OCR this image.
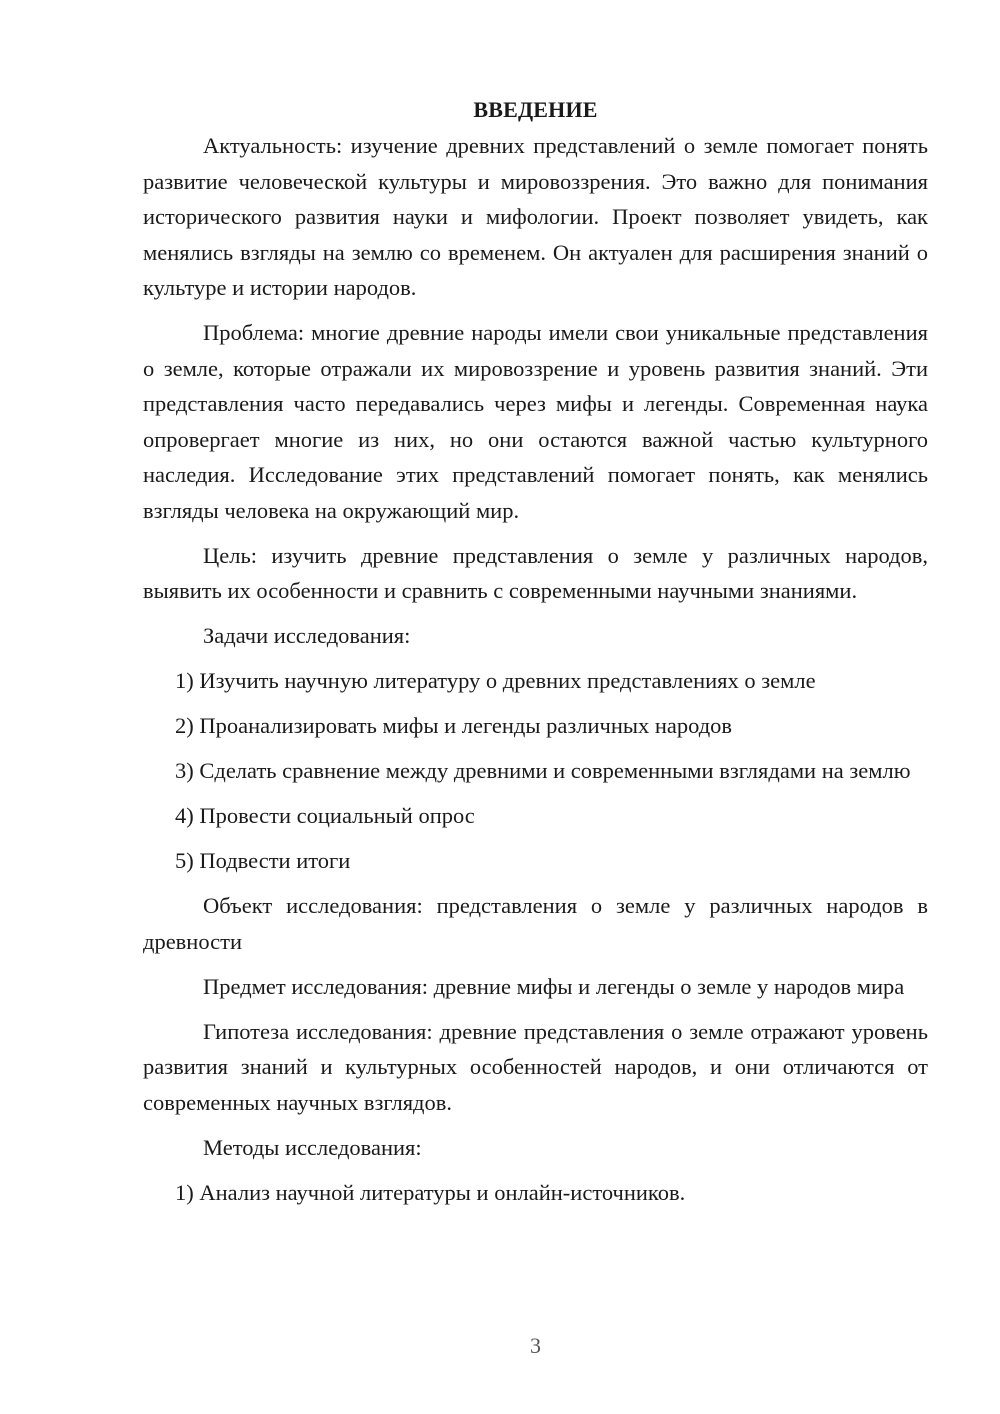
ВВЕДЕНИЕ

Актуальность: изучение древних представлений о земле помогает понять развитие человеческой культуры и мировоззрения. Это важно для понимания исторического развития науки и мифологии. Проект позволяет увидеть, как менялись взгляды на землю со временем. Он актуален для расширения знаний о культуре и истории народов.

Проблема: многие древние народы имели свои уникальные представления о земле, которые отражали их мировоззрение и уровень развития знаний. Эти представления часто передавались через мифы и легенды. Современная наука опровергает многие из них, но они остаются важной частью культурного наследия. Исследование этих представлений помогает понять, как менялись взгляды человека на окружающий мир.

Цель: изучить древние представления о земле у различных народов, выявить их особенности и сравнить с современными научными знаниями.

Задачи исследования:

1) Изучить научную литературу о древних представлениях о земле

2) Проанализировать мифы и легенды различных народов

3) Сделать сравнение между древними и современными взглядами на землю

4) Провести социальный опрос

5) Подвести итоги

Объект исследования: представления о земле у различных народов в древности

Предмет исследования: древние мифы и легенды о земле у народов мира

Гипотеза исследования: древние представления о земле отражают уровень развития знаний и культурных особенностей народов, и они отличаются от современных научных взглядов.

Методы исследования:

1) Анализ научной литературы и онлайн-источников.

3
